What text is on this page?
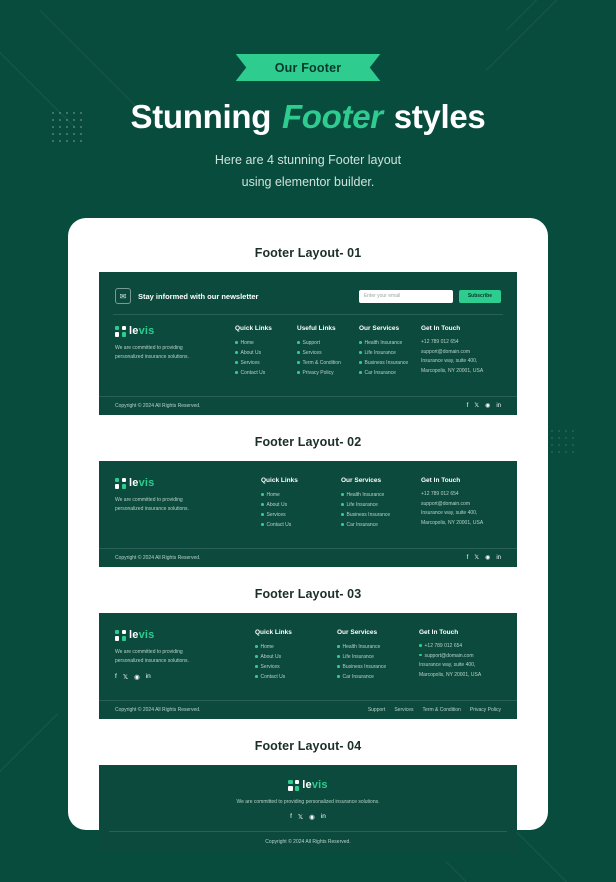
Our Footer
Stunning Footer styles
Here are 4 stunning Footer layout
using elementor builder.
Footer Layout- 01
✉	Stay informed with our newsletter	Enter your email	Subscribe
levis
We are committed to providing personalized insurance solutions.
Quick Links
Home
About Us
Services
Contact Us
Useful Links
Support
Services
Term & Condition
Privacy Policy
Our Services
Health Insurance
Life Insurance
Business Insurance
Car Insurance
Get In Touch
+12 789 012 654
support@domain.com
Insurance way, suite 400, Marcopolis, NY 20001, USA
Copyright © 2024 All Rights Reserved.	f 𝕏 ◉ in
Footer Layout- 02
levis
We are committed to providing personalized insurance solutions.
Quick Links
Home
About Us
Services
Contact Us
Our Services
Health Insurance
Life Insurance
Business Insurance
Car Insurance
Get In Touch
+12 789 012 654
support@domain.com
Insurance way, suite 400, Marcopolis, NY 20001, USA
Copyright © 2024 All Rights Reserved.	f 𝕏 ◉ in
Footer Layout- 03
levis
We are committed to providing personalized insurance solutions.
f 𝕏 ◉ in
Quick Links
Home
About Us
Services
Contact Us
Our Services
Health Insurance
Life Insurance
Business Insurance
Car Insurance
Get In Touch
+12 789 012 654
support@domain.com
Insurance way, suite 400, Marcopolis, NY 20001, USA
Copyright © 2024 All Rights Reserved.	Support Services Term & Condition Privacy Policy
Footer Layout- 04
levis
We are committed to providing personalized insurance solutions.
f 𝕏 ◉ in
Copyright © 2024 All Rights Reserved.
